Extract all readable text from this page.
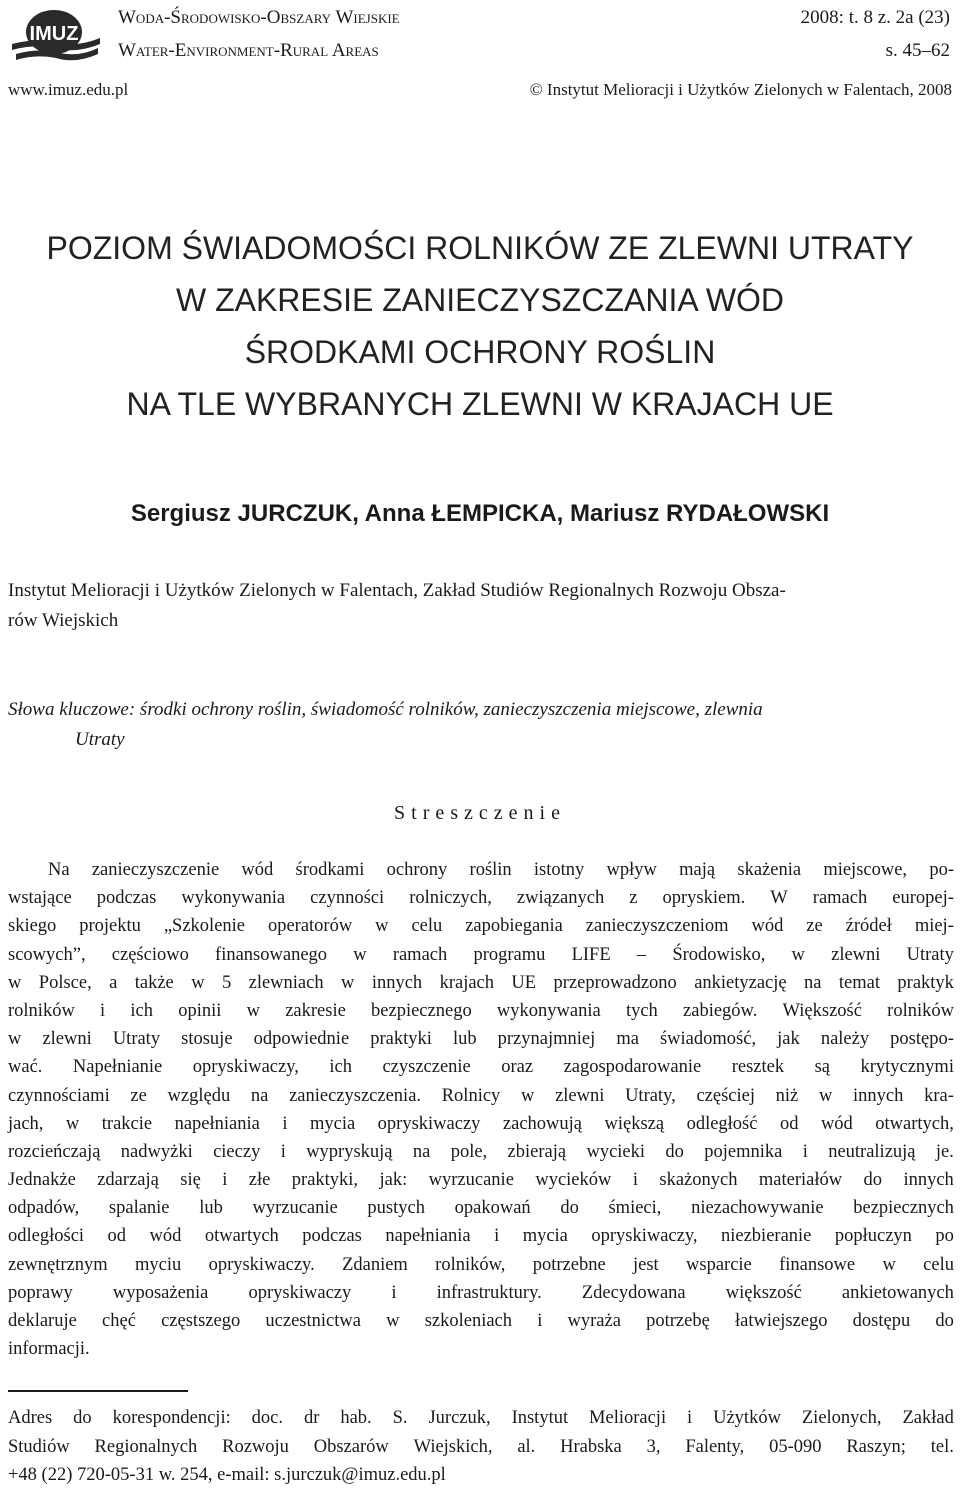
IMUZ
Woda-Środowisko-Obszary Wiejskie
Water-Environment-Rural Areas
2008: t. 8 z. 2a (23)
s. 45–62
www.imuz.edu.pl	© Instytut Melioracji i Użytków Zielonych w Falentach, 2008
POZIOM ŚWIADOMOŚCI ROLNIKÓW ZE ZLEWNI UTRATY
W ZAKRESIE ZANIECZYSZCZANIA WÓD
ŚRODKAMI OCHRONY ROŚLIN
NA TLE WYBRANYCH ZLEWNI W KRAJACH UE
Sergiusz JURCZUK, Anna ŁEMPICKA, Mariusz RYDAŁOWSKI
Instytut Melioracji i Użytków Zielonych w Falentach, Zakład Studiów Regionalnych Rozwoju Obsza-
rów Wiejskich
Słowa kluczowe: środki ochrony roślin, świadomość rolników, zanieczyszczenia miejscowe, zlewnia
Utraty
Streszczenie
Na zanieczyszczenie wód środkami ochrony roślin istotny wpływ mają skażenia miejscowe, po-
wstające podczas wykonywania czynności rolniczych, związanych z opryskiem. W ramach europej-
skiego projektu „Szkolenie operatorów w celu zapobiegania zanieczyszczeniom wód ze źródeł miej-
scowych”, częściowo finansowanego w ramach programu LIFE – Środowisko, w zlewni Utraty
w Polsce, a także w 5 zlewniach w innych krajach UE przeprowadzono ankietyzację na temat praktyk
rolników i ich opinii w zakresie bezpiecznego wykonywania tych zabiegów. Większość rolników
w zlewni Utraty stosuje odpowiednie praktyki lub przynajmniej ma świadomość, jak należy postępo-
wać. Napełnianie opryskiwaczy, ich czyszczenie oraz zagospodarowanie resztek są krytycznymi
czynnościami ze względu na zanieczyszczenia. Rolnicy w zlewni Utraty, częściej niż w innych kra-
jach, w trakcie napełniania i mycia opryskiwaczy zachowują większą odległość od wód otwartych,
rozcieńczają nadwyżki cieczy i wypryskują na pole, zbierają wycieki do pojemnika i neutralizują je.
Jednakże zdarzają się i złe praktyki, jak: wyrzucanie wycieków i skażonych materiałów do innych
odpadów, spalanie lub wyrzucanie pustych opakowań do śmieci, niezachowywanie bezpiecznych
odległości od wód otwartych podczas napełniania i mycia opryskiwaczy, niezbieranie popłuczyn po
zewnętrznym myciu opryskiwaczy. Zdaniem rolników, potrzebne jest wsparcie finansowe w celu
poprawy wyposażenia opryskiwaczy i infrastruktury. Zdecydowana większość ankietowanych
deklaruje chęć częstszego uczestnictwa w szkoleniach i wyraża potrzebę łatwiejszego dostępu do
informacji.
Adres do korespondencji: doc. dr hab. S. Jurczuk, Instytut Melioracji i Użytków Zielonych, Zakład
Studiów Regionalnych Rozwoju Obszarów Wiejskich, al. Hrabska 3, Falenty, 05-090 Raszyn; tel.
+48 (22) 720-05-31 w. 254, e-mail: s.jurczuk@imuz.edu.pl
